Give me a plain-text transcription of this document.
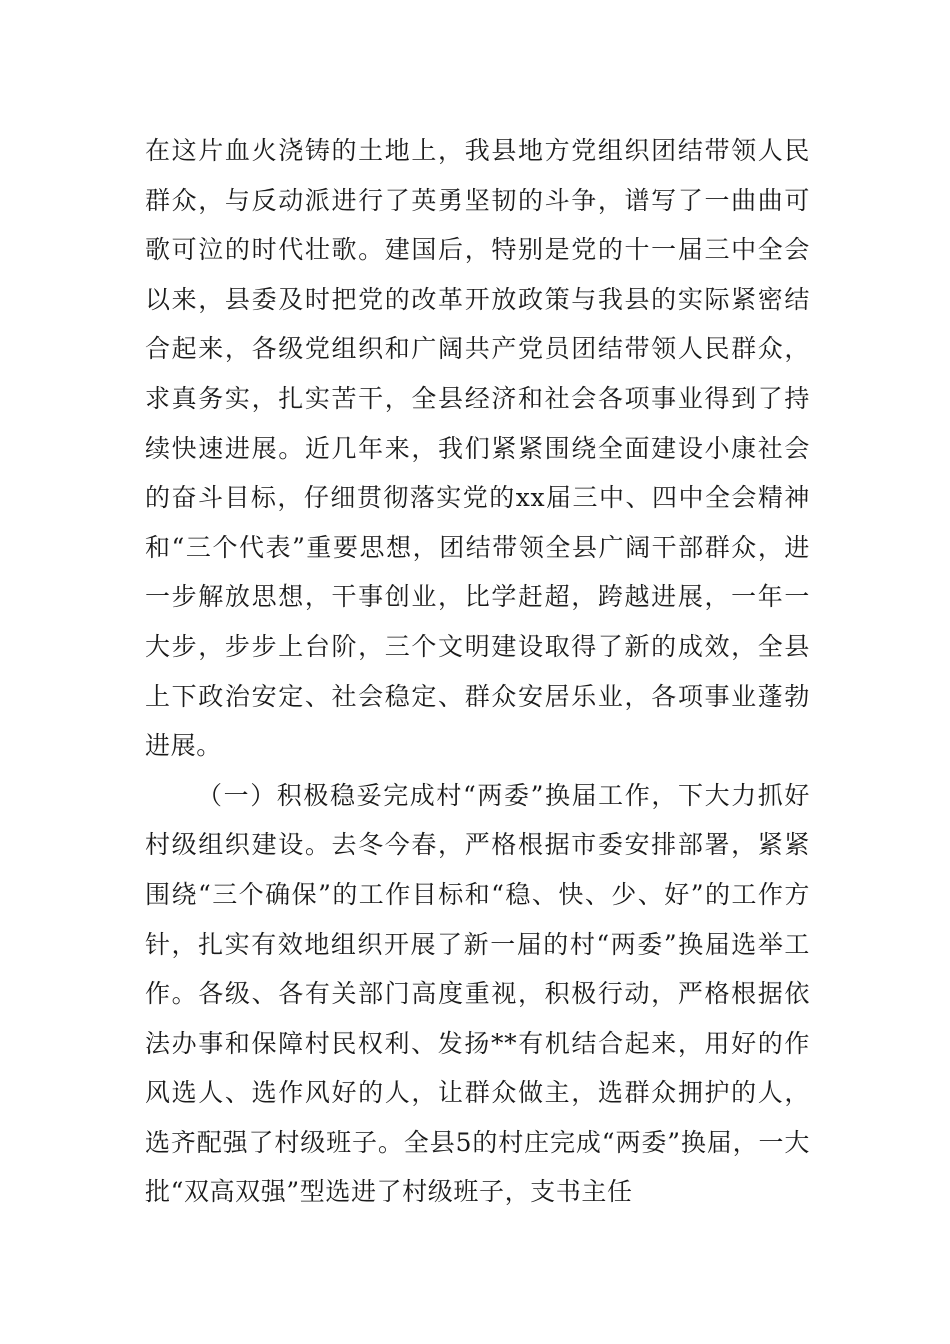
在这片血火浇铸的土地上，我县地方党组织团结带领人民群众，与反动派进行了英勇坚韧的斗争，谱写了一曲曲可歌可泣的时代壮歌。建国后，特别是党的十一届三中全会以来，县委及时把党的改革开放政策与我县的实际紧密结合起来，各级党组织和广阔共产党员团结带领人民群众，求真务实，扎实苦干，全县经济和社会各项事业得到了持续快速进展。近几年来，我们紧紧围绕全面建设小康社会的奋斗目标，仔细贯彻落实党的xx届三中、四中全会精神和“三个代表”重要思想，团结带领全县广阔干部群众，进一步解放思想，干事创业，比学赶超，跨越进展，一年一大步，步步上台阶，三个文明建设取得了新的成效，全县上下政治安定、社会稳定、群众安居乐业，各项事业蓬勃进展。

（一）积极稳妥完成村“两委”换届工作，下大力抓好村级组织建设。去冬今春，严格根据市委安排部署，紧紧围绕“三个确保”的工作目标和“稳、快、少、好”的工作方针，扎实有效地组织开展了新一届的村“两委”换届选举工作。各级、各有关部门高度重视，积极行动，严格根据依法办事和保障村民权利、发扬**有机结合起来，用好的作风选人、选作风好的人，让群众做主，选群众拥护的人，选齐配强了村级班子。全县5的村庄完成“两委”换届，一大批“双高双强”型选进了村级班子，支书主任
